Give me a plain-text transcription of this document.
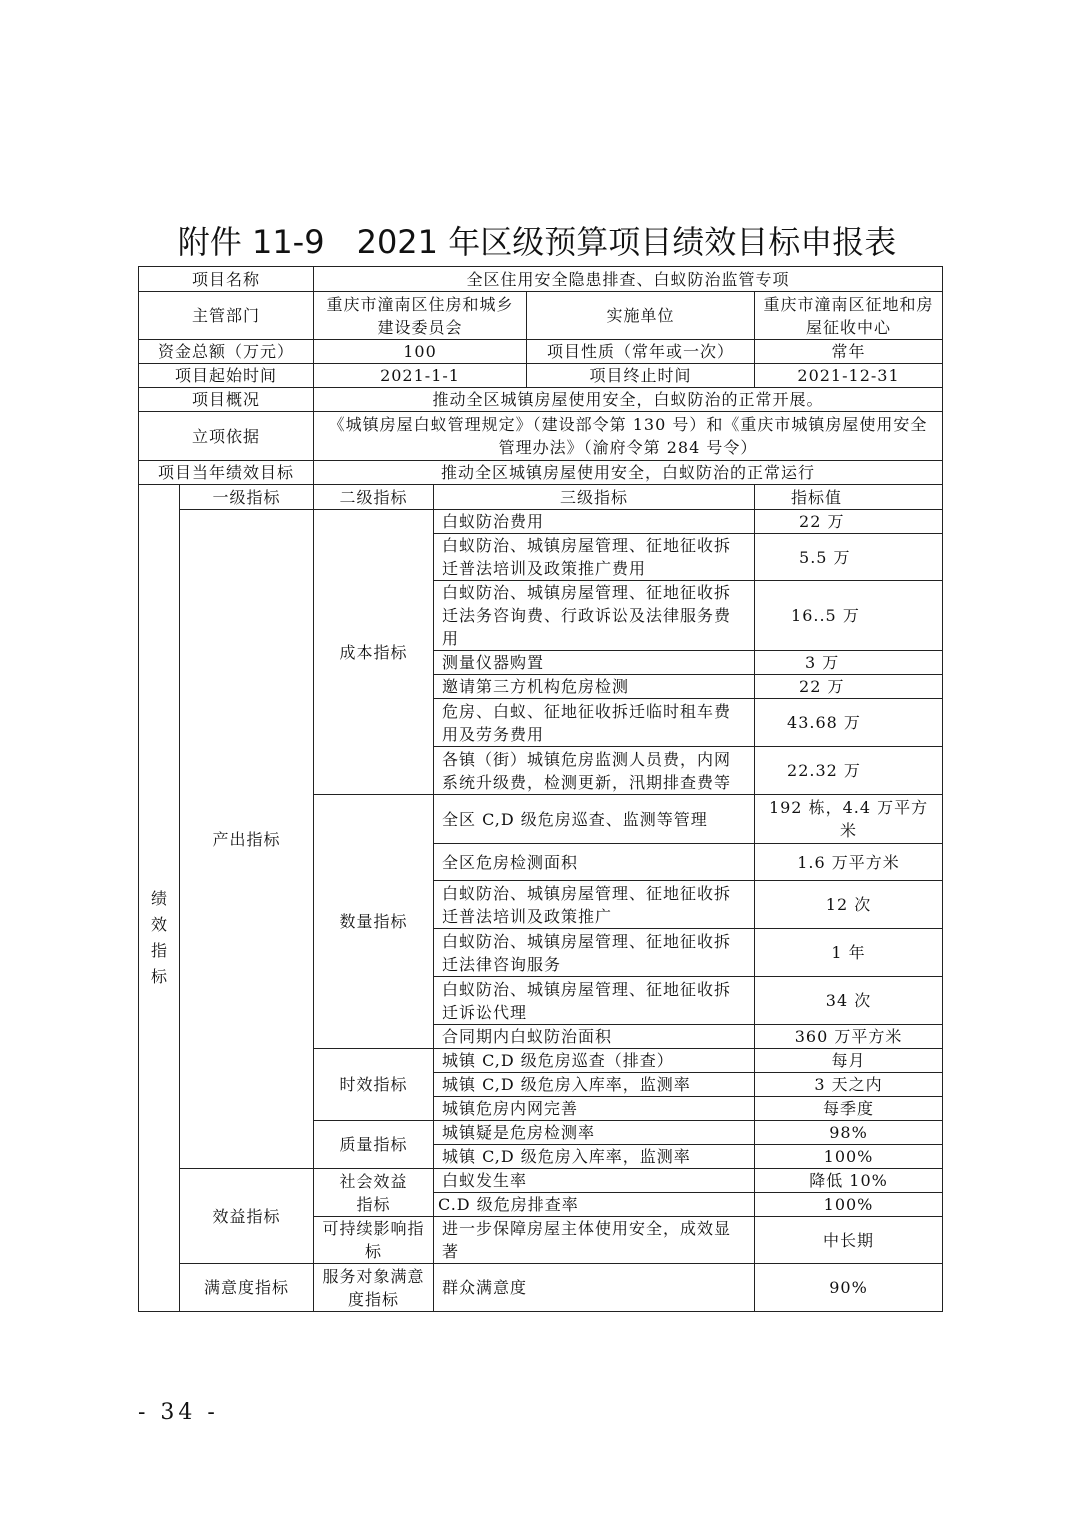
附件 11-9　2021 年区级预算项目绩效目标申报表
项目名称		全区住用安全隐患排查、白蚁防治监管专项			
主管部门		重庆市潼南区住房和城乡建设委员会		实施单位	重庆市潼南区征地和房屋征收中心
资金总额（万元）		100		项目性质（常年或一次）	常年
项目起始时间		2021-1-1		项目终止时间	2021-12-31
项目概况		推动全区城镇房屋使用安全，白蚁防治的正常开展。			
立项依据		《城镇房屋白蚁管理规定》（建设部令第 130 号）和《重庆市城镇房屋使用安全管理办法》（渝府令第 284 号令）			
项目当年绩效目标		推动全区城镇房屋使用安全，白蚁防治的正常运行			

绩效指标	一级指标	二级指标	三级指标		指标值
	产出指标	成本指标	白蚁防治费用		22 万
			白蚁防治、城镇房屋管理、征地征收拆迁普法培训及政策推广费用		5.5 万
			白蚁防治、城镇房屋管理、征地征收拆迁法务咨询费、行政诉讼及法律服务费用		16..5 万
			测量仪器购置		3 万
			邀请第三方机构危房检测		22 万
			危房、白蚁、征地征收拆迁临时租车费用及劳务费用		43.68 万
			各镇（街）城镇危房监测人员费，内网系统升级费，检测更新，汛期排查费等		22.32 万
		数量指标	全区 C,D 级危房巡查、监测等管理		192 栋，4.4 万平方米
			全区危房检测面积		1.6 万平方米
			白蚁防治、城镇房屋管理、征地征收拆迁普法培训及政策推广		12 次
			白蚁防治、城镇房屋管理、征地征收拆迁法律咨询服务		1 年
			白蚁防治、城镇房屋管理、征地征收拆迁诉讼代理		34 次
			合同期内白蚁防治面积		360 万平方米
		时效指标	城镇 C,D 级危房巡查（排查）		每月
			城镇 C,D 级危房入库率，监测率		3 天之内
			城镇危房内网完善		每季度
		质量指标	城镇疑是危房检测率		98%
			城镇 C,D 级危房入库率，监测率		100%
	效益指标	社会效益指标	白蚁发生率		降低 10%
			C.D 级危房排查率		100%
		可持续影响指标	进一步保障房屋主体使用安全，成效显著		中长期
	满意度指标	服务对象满意度指标	群众满意度		90%
- 34 -
